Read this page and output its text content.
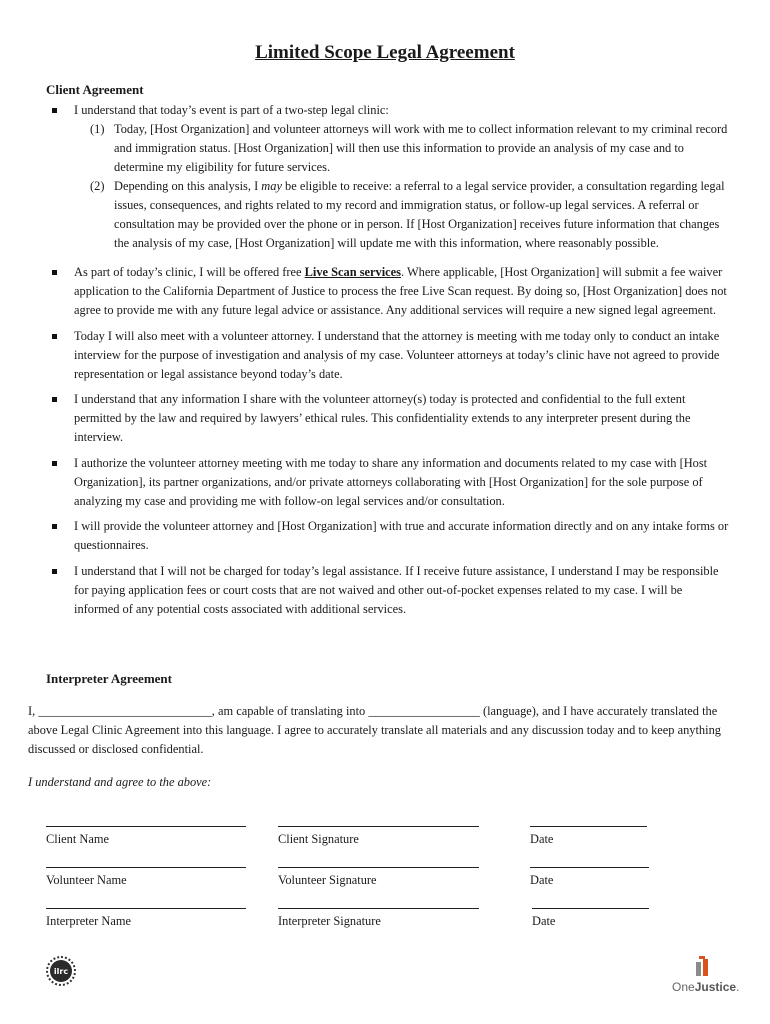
Limited Scope Legal Agreement
Client Agreement
I understand that today’s event is part of a two-step legal clinic:
(1) Today, [Host Organization] and volunteer attorneys will work with me to collect information relevant to my criminal record and immigration status. [Host Organization] will then use this information to provide an analysis of my case and to determine my eligibility for future services.
(2) Depending on this analysis, I may be eligible to receive: a referral to a legal service provider, a consultation regarding legal issues, consequences, and rights related to my record and immigration status, or follow-up legal services. A referral or consultation may be provided over the phone or in person. If [Host Organization] receives future information that changes the analysis of my case, [Host Organization] will update me with this information, where reasonably possible.
As part of today’s clinic, I will be offered free Live Scan services. Where applicable, [Host Organization] will submit a fee waiver application to the California Department of Justice to process the free Live Scan request. By doing so, [Host Organization] does not agree to provide me with any future legal advice or assistance. Any additional services will require a new signed legal agreement.
Today I will also meet with a volunteer attorney. I understand that the attorney is meeting with me today only to conduct an intake interview for the purpose of investigation and analysis of my case. Volunteer attorneys at today’s clinic have not agreed to provide representation or legal assistance beyond today’s date.
I understand that any information I share with the volunteer attorney(s) today is protected and confidential to the full extent permitted by the law and required by lawyers’ ethical rules. This confidentiality extends to any interpreter present during the interview.
I authorize the volunteer attorney meeting with me today to share any information and documents related to my case with [Host Organization], its partner organizations, and/or private attorneys collaborating with [Host Organization] for the sole purpose of analyzing my case and providing me with follow-on legal services and/or consultation.
I will provide the volunteer attorney and [Host Organization] with true and accurate information directly and on any intake forms or questionnaires.
I understand that I will not be charged for today’s legal assistance. If I receive future assistance, I understand I may be responsible for paying application fees or court costs that are not waived and other out-of-pocket expenses related to my case. I will be informed of any potential costs associated with additional services.
Interpreter Agreement

I, ____________________________, am capable of translating into __________________ (language), and I have accurately translated the above Legal Clinic Agreement into this language. I agree to accurately translate all materials and any discussion today and to keep anything discussed or disclosed confidential.

I understand and agree to the above:

Client Name	Client Signature	Date
Volunteer Name	Volunteer Signature	Date
Interpreter Name	Interpreter Signature	Date
ilrc
OneJustice.
